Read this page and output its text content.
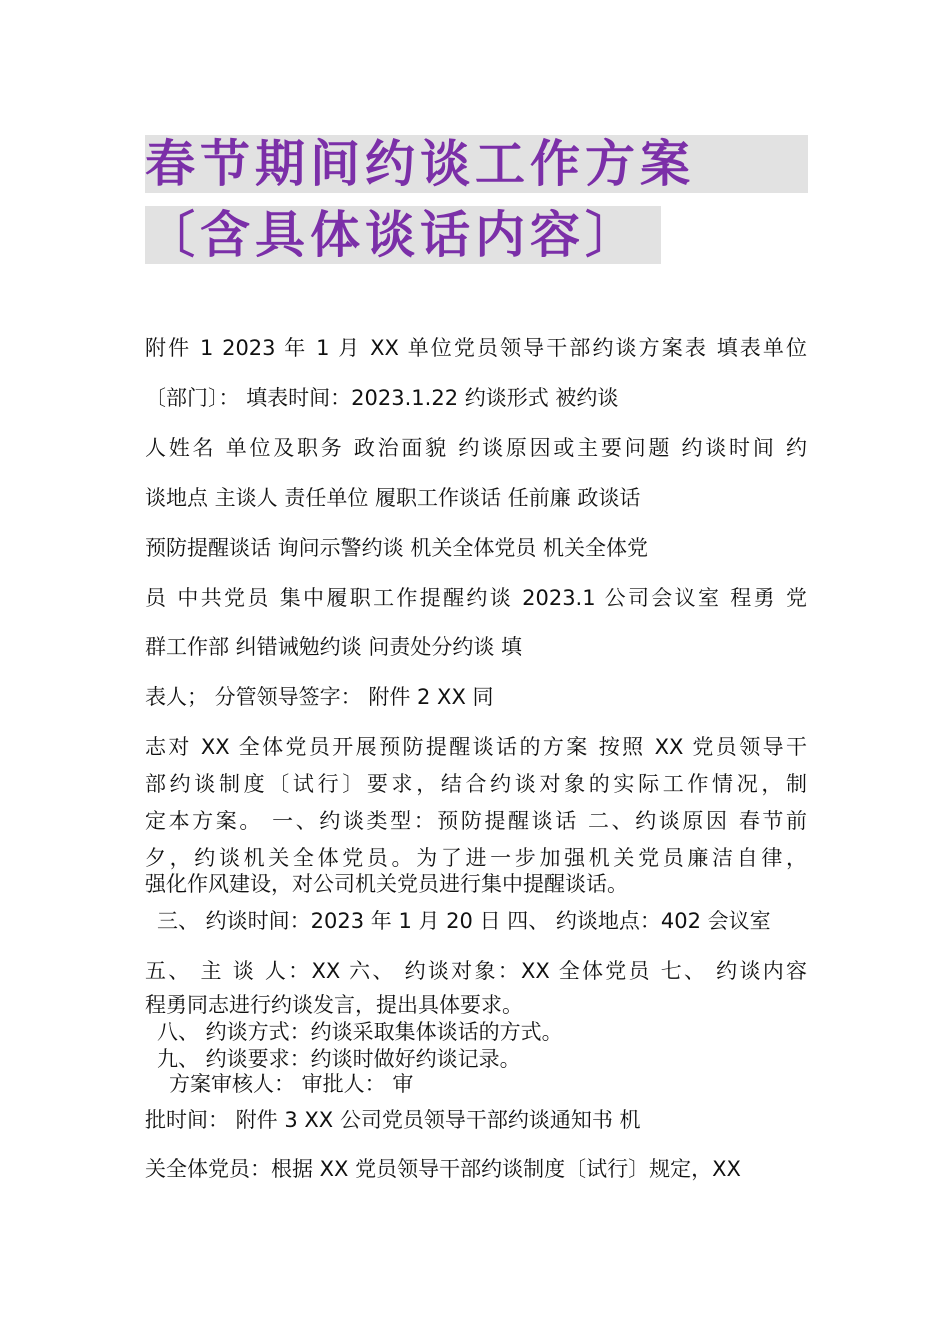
春节期间约谈工作方案
〔含具体谈话内容〕
附件 1 2023 年 1 月 XX 单位党员领导干部约谈方案表 填表单位
〔部门〕： 填表时间：2023.1.22 约谈形式 被约谈
人姓名 单位及职务 政治面貌 约谈原因或主要问题 约谈时间 约
谈地点 主谈人 责任单位 履职工作谈话 任前廉 政谈话
预防提醒谈话 询问示警约谈 机关全体党员 机关全体党
员 中共党员 集中履职工作提醒约谈 2023.1 公司会议室 程勇 党
群工作部 纠错诫勉约谈 问责处分约谈 填
表人； 分管领导签字： 附件 2 XX 同
志对 XX 全体党员开展预防提醒谈话的方案 按照 XX 党员领导干
部约谈制度〔试行〕要求，结合约谈对象的实际工作情况，制
定本方案。 一、约谈类型：预防提醒谈话 二、约谈原因 春节前
夕，约谈机关全体党员。为了进一步加强机关党员廉洁自律，
强化作风建设，对公司机关党员进行集中提醒谈话。
三、 约谈时间：2023 年 1 月 20 日 四、 约谈地点：402 会议室
五、 主 谈 人：XX 六、 约谈对象：XX 全体党员 七、 约谈内容
程勇同志进行约谈发言，提出具体要求。
八、 约谈方式：约谈采取集体谈话的方式。
九、 约谈要求：约谈时做好约谈记录。
方案审核人： 审批人： 审
批时间： 附件 3 XX 公司党员领导干部约谈通知书 机
关全体党员：根据 XX 党员领导干部约谈制度〔试行〕规定，XX
